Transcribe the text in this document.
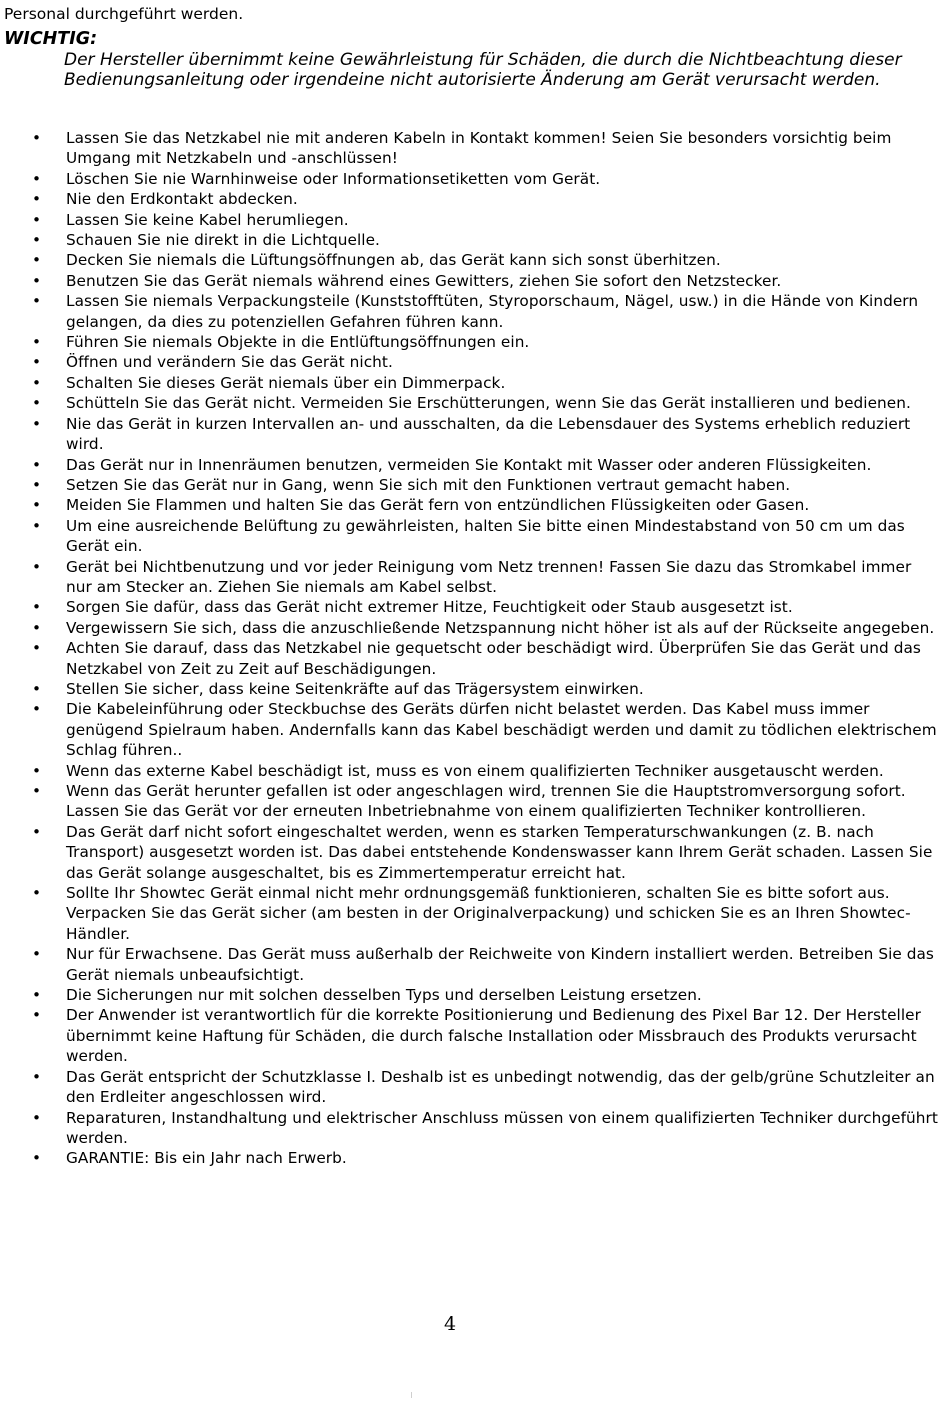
Personal durchgeführt werden.

WICHTIG:

Der Hersteller übernimmt keine Gewährleistung für Schäden, die durch die Nichtbeachtung dieser Bedienungsanleitung oder irgendeine nicht autorisierte Änderung am Gerät verursacht werden.

• Lassen Sie das Netzkabel nie mit anderen Kabeln in Kontakt kommen! Seien Sie besonders vorsichtig beim Umgang mit Netzkabeln und -anschlüssen!
• Löschen Sie nie Warnhinweise oder Informationsetiketten vom Gerät.
• Nie den Erdkontakt abdecken.
• Lassen Sie keine Kabel herumliegen.
• Schauen Sie nie direkt in die Lichtquelle.
• Decken Sie niemals die Lüftungsöffnungen ab, das Gerät kann sich sonst überhitzen.
• Benutzen Sie das Gerät niemals während eines Gewitters, ziehen Sie sofort den Netzstecker.
• Lassen Sie niemals Verpackungsteile (Kunststofftüten, Styroporschaum, Nägel, usw.) in die Hände von Kindern gelangen, da dies zu potenziellen Gefahren führen kann.
• Führen Sie niemals Objekte in die Entlüftungsöffnungen ein.
• Öffnen und verändern Sie das Gerät nicht.
• Schalten Sie dieses Gerät niemals über ein Dimmerpack.
• Schütteln Sie das Gerät nicht. Vermeiden Sie Erschütterungen, wenn Sie das Gerät installieren und bedienen.
• Nie das Gerät in kurzen Intervallen an- und ausschalten, da die Lebensdauer des Systems erheblich reduziert wird.
• Das Gerät nur in Innenräumen benutzen, vermeiden Sie Kontakt mit Wasser oder anderen Flüssigkeiten.
• Setzen Sie das Gerät nur in Gang, wenn Sie sich mit den Funktionen vertraut gemacht haben.
• Meiden Sie Flammen und halten Sie das Gerät fern von entzündlichen Flüssigkeiten oder Gasen.
• Um eine ausreichende Belüftung zu gewährleisten, halten Sie bitte einen Mindestabstand von 50 cm um das Gerät ein.
• Gerät bei Nichtbenutzung und vor jeder Reinigung vom Netz trennen! Fassen Sie dazu das Stromkabel immer nur am Stecker an. Ziehen Sie niemals am Kabel selbst.
• Sorgen Sie dafür, dass das Gerät nicht extremer Hitze, Feuchtigkeit oder Staub ausgesetzt ist.
• Vergewissern Sie sich, dass die anzuschließende Netzspannung nicht höher ist als auf der Rückseite angegeben.
• Achten Sie darauf, dass das Netzkabel nie gequetscht oder beschädigt wird. Überprüfen Sie das Gerät und das Netzkabel von Zeit zu Zeit auf Beschädigungen.
• Stellen Sie sicher, dass keine Seitenkräfte auf das Trägersystem einwirken.
• Die Kabeleinführung oder Steckbuchse des Geräts dürfen nicht belastet werden. Das Kabel muss immer genügend Spielraum haben. Andernfalls kann das Kabel beschädigt werden und damit zu tödlichen elektrischem Schlag führen..
• Wenn das externe Kabel beschädigt ist, muss es von einem qualifizierten Techniker ausgetauscht werden.
• Wenn das Gerät herunter gefallen ist oder angeschlagen wird, trennen Sie die Hauptstromversorgung sofort. Lassen Sie das Gerät vor der erneuten Inbetriebnahme von einem qualifizierten Techniker kontrollieren.
• Das Gerät darf nicht sofort eingeschaltet werden, wenn es starken Temperaturschwankungen (z. B. nach Transport) ausgesetzt worden ist. Das dabei entstehende Kondenswasser kann Ihrem Gerät schaden. Lassen Sie das Gerät solange ausgeschaltet, bis es Zimmertemperatur erreicht hat.
• Sollte Ihr Showtec Gerät einmal nicht mehr ordnungsgemäß funktionieren, schalten Sie es bitte sofort aus. Verpacken Sie das Gerät sicher (am besten in der Originalverpackung) und schicken Sie es an Ihren Showtec-Händler.
• Nur für Erwachsene. Das Gerät muss außerhalb der Reichweite von Kindern installiert werden. Betreiben Sie das Gerät niemals unbeaufsichtigt.
• Die Sicherungen nur mit solchen desselben Typs und derselben Leistung ersetzen.
• Der Anwender ist verantwortlich für die korrekte Positionierung und Bedienung des Pixel Bar 12. Der Hersteller übernimmt keine Haftung für Schäden, die durch falsche Installation oder Missbrauch des Produkts verursacht werden.
• Das Gerät entspricht der Schutzklasse I. Deshalb ist es unbedingt notwendig, das der gelb/grüne Schutzleiter an den Erdleiter angeschlossen wird.
• Reparaturen, Instandhaltung und elektrischer Anschluss müssen von einem qualifizierten Techniker durchgeführt werden.
• GARANTIE: Bis ein Jahr nach Erwerb.
4
